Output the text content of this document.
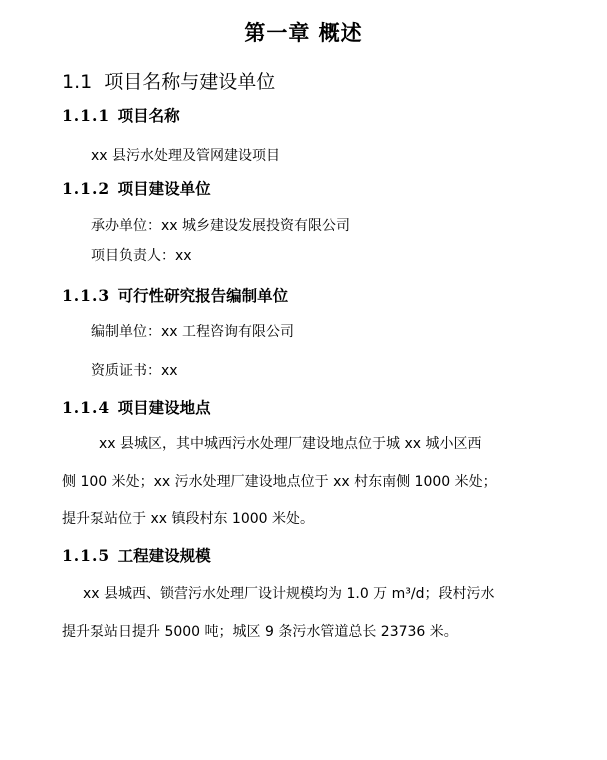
第一章 概述
1.1 项目名称与建设单位
1.1.1 项目名称
xx 县污水处理及管网建设项目
1.1.2 项目建设单位
承办单位：xx 城乡建设发展投资有限公司
项目负责人：xx
1.1.3 可行性研究报告编制单位
编制单位：xx 工程咨询有限公司
资质证书：xx
1.1.4 项目建设地点
xx 县城区，其中城西污水处理厂建设地点位于城 xx 城小区西
侧 100 米处；xx 污水处理厂建设地点位于 xx 村东南侧 1000 米处；
提升泵站位于 xx 镇段村东 1000 米处。
1.1.5 工程建设规模
xx 县城西、锁营污水处理厂设计规模均为 1.0 万 m³/d；段村污水
提升泵站日提升 5000 吨；城区 9 条污水管道总长 23736 米。
